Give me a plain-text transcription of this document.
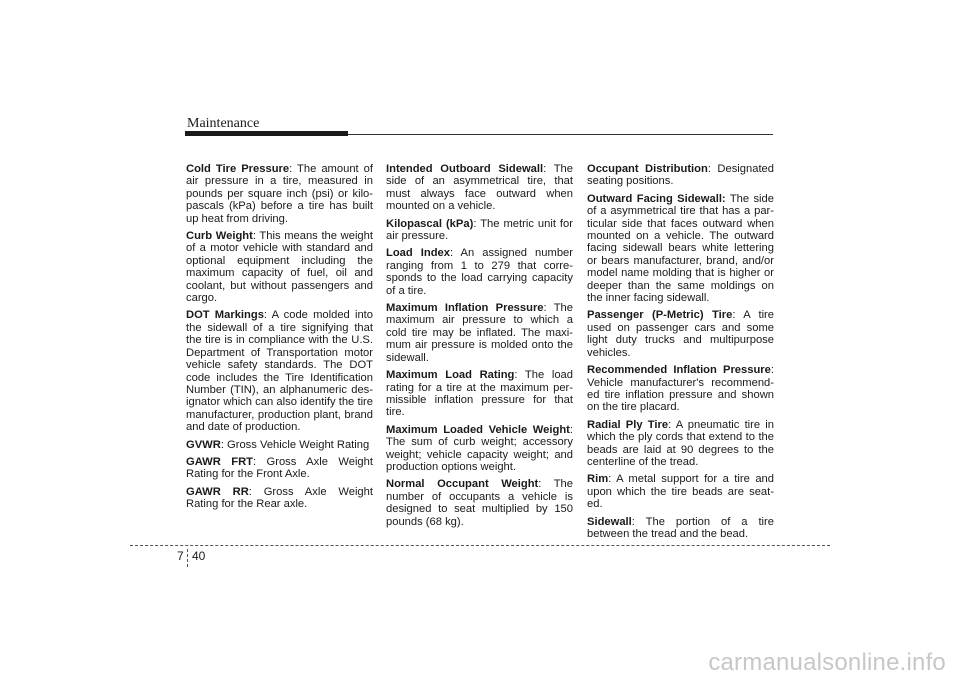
Maintenance

Cold Tire Pressure: The amount of air pressure in a tire, measured in pounds per square inch (psi) or kilo-pascals (kPa) before a tire has built up heat from driving.

Curb Weight: This means the weight of a motor vehicle with standard and optional equipment including the maximum capacity of fuel, oil and coolant, but without passengers and cargo.

DOT Markings: A code molded into the sidewall of a tire signifying that the tire is in compliance with the U.S. Department of Transportation motor vehicle safety standards. The DOT code includes the Tire Identification Number (TIN), an alphanumeric des-ignator which can also identify the tire manufacturer, production plant, brand and date of production.

GVWR: Gross Vehicle Weight Rating

GAWR FRT: Gross Axle Weight Rating for the Front Axle.

GAWR RR: Gross Axle Weight Rating for the Rear axle.

Intended Outboard Sidewall: The side of an asymmetrical tire, that must always face outward when mounted on a vehicle.

Kilopascal (kPa): The metric unit for air pressure.

Load Index: An assigned number ranging from 1 to 279 that corre-sponds to the load carrying capacity of a tire.

Maximum Inflation Pressure: The maximum air pressure to which a cold tire may be inflated. The maxi-mum air pressure is molded onto the sidewall.

Maximum Load Rating: The load rating for a tire at the maximum per-missible inflation pressure for that tire.

Maximum Loaded Vehicle Weight: The sum of curb weight; accessory weight; vehicle capacity weight; and production options weight.

Normal Occupant Weight: The number of occupants a vehicle is designed to seat multiplied by 150 pounds (68 kg).

Occupant Distribution: Designated seating positions.

Outward Facing Sidewall: The side of a asymmetrical tire that has a par-ticular side that faces outward when mounted on a vehicle. The outward facing sidewall bears white lettering or bears manufacturer, brand, and/or model name molding that is higher or deeper than the same moldings on the inner facing sidewall.

Passenger (P-Metric) Tire: A tire used on passenger cars and some light duty trucks and multipurpose vehicles.

Recommended Inflation Pressure: Vehicle manufacturer's recommend-ed tire inflation pressure and shown on the tire placard.

Radial Ply Tire: A pneumatic tire in which the ply cords that extend to the beads are laid at 90 degrees to the centerline of the tread.

Rim: A metal support for a tire and upon which the tire beads are seat-ed.

Sidewall: The portion of a tire between the tread and the bead.

7 40
carmanualsonline.info
